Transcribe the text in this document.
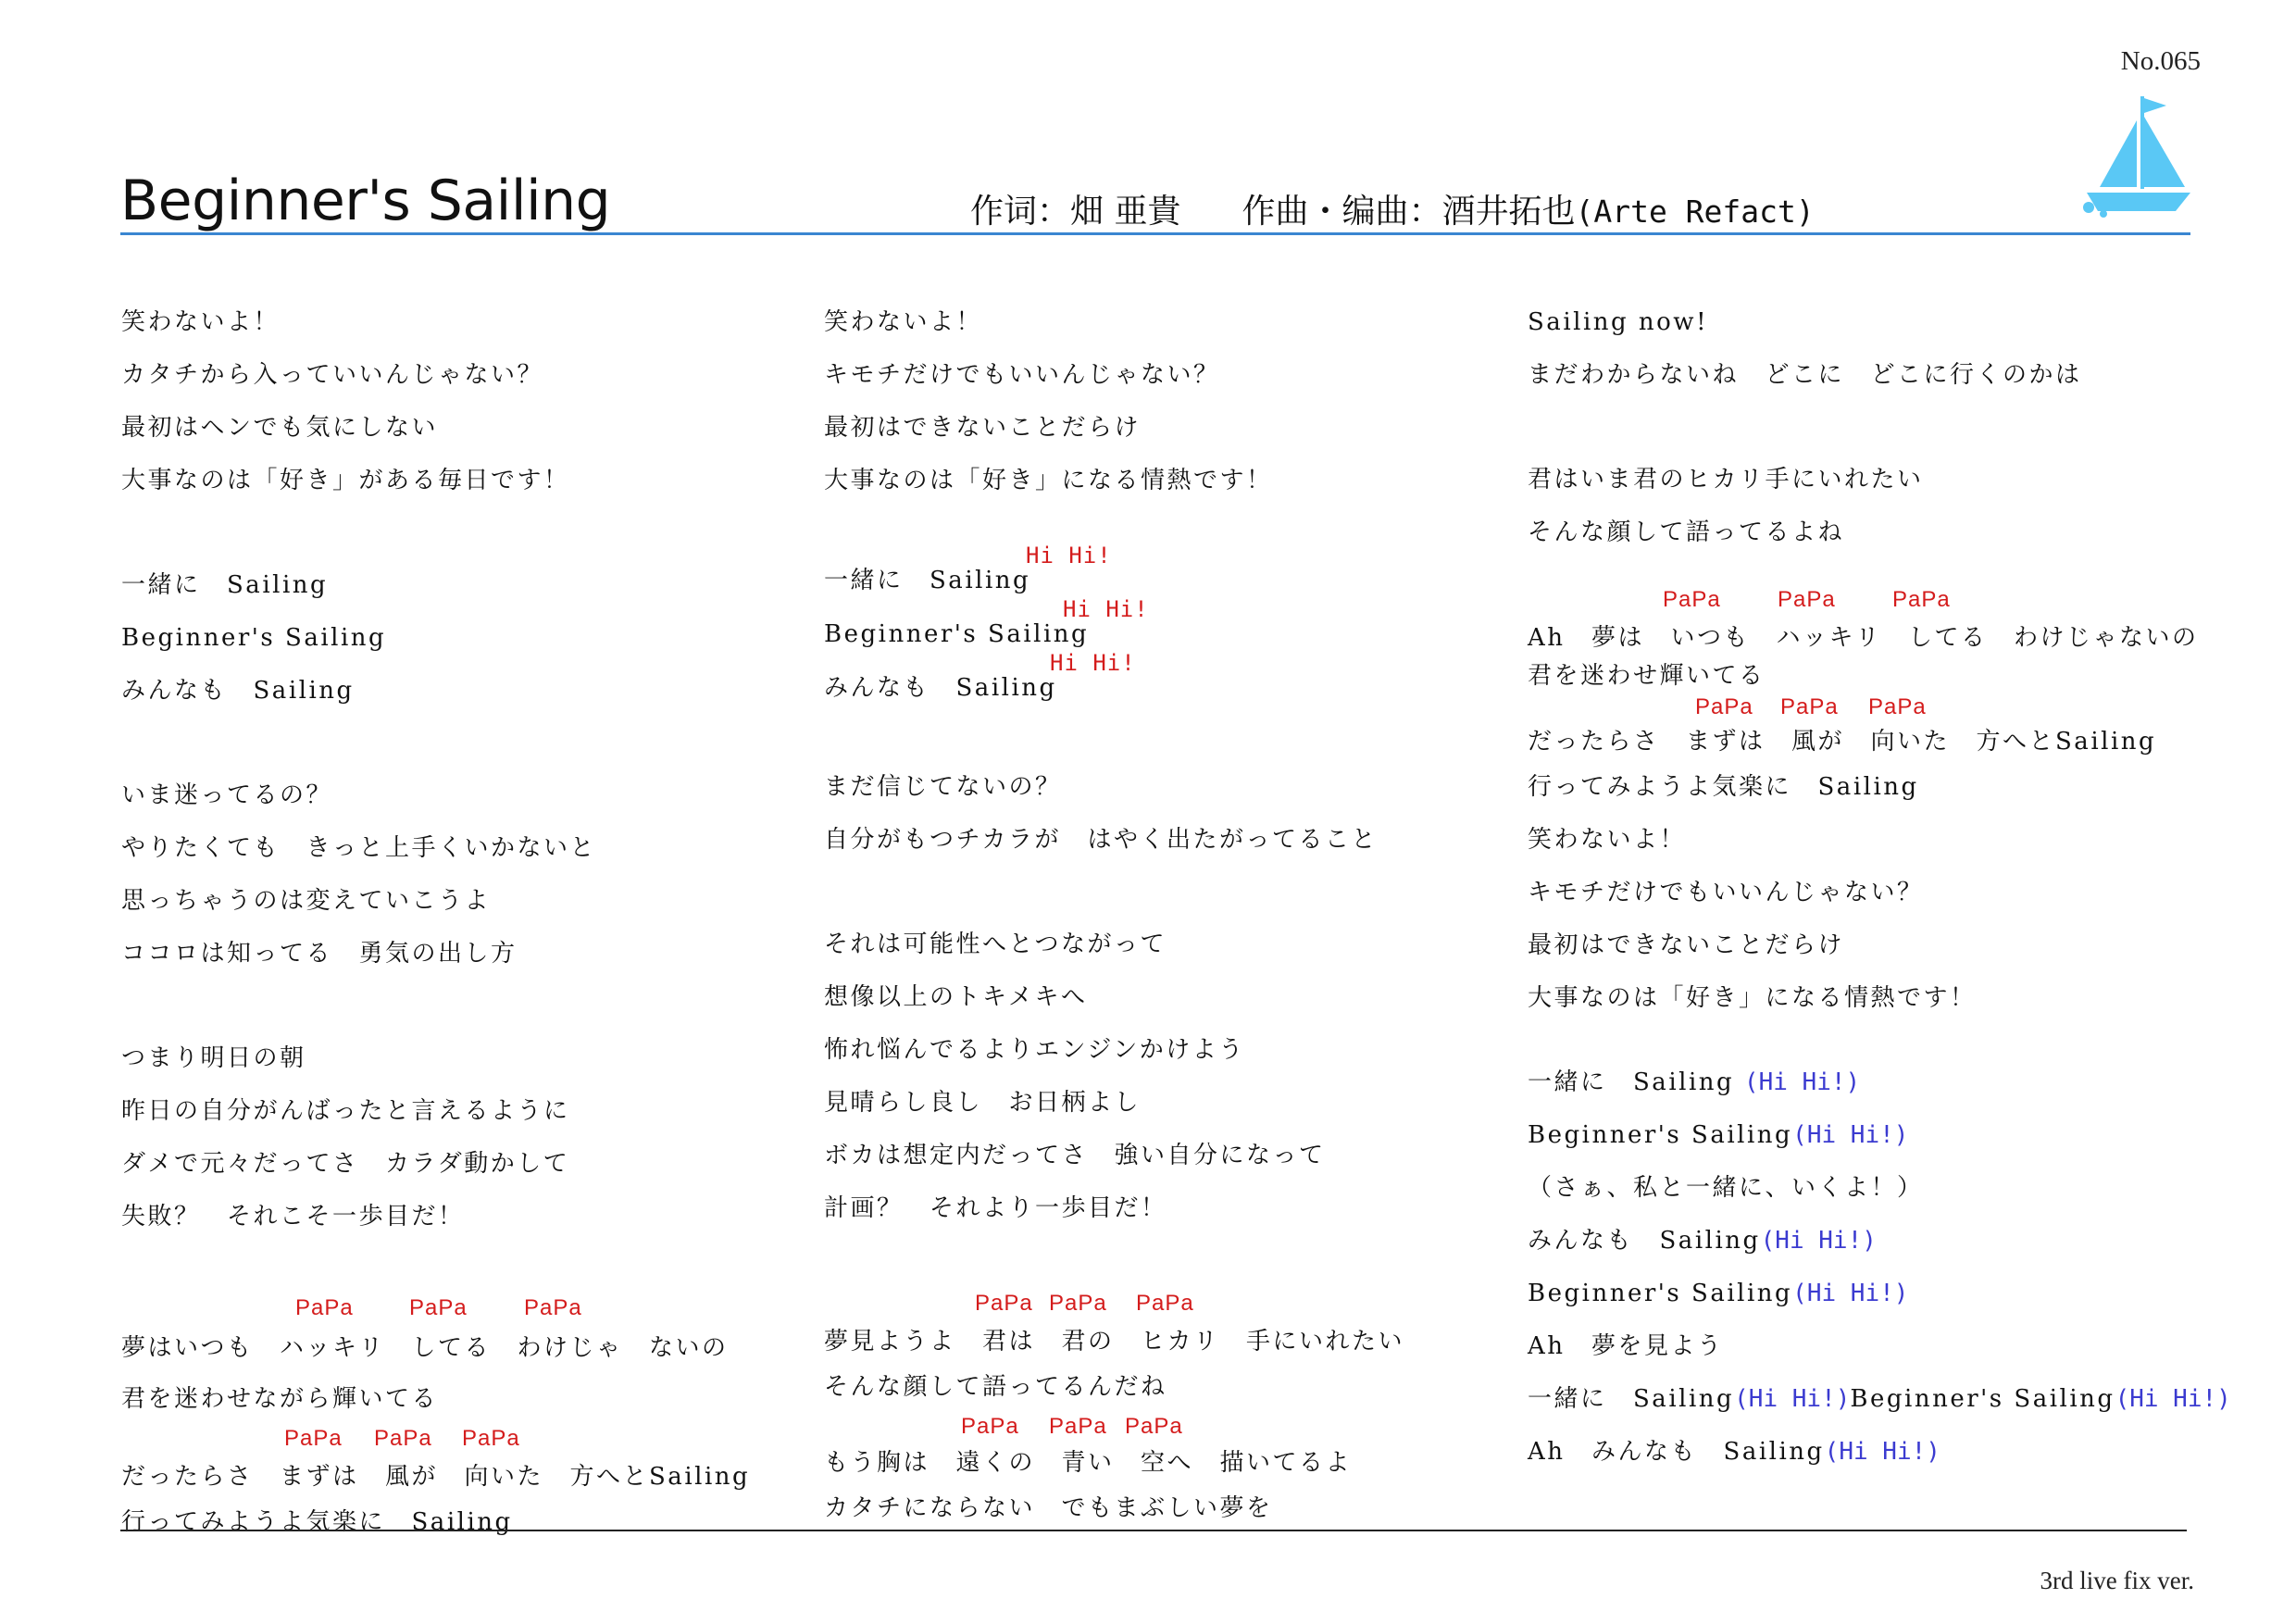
No.065
Beginner's Sailing	作词：畑 亜貴 作曲・编曲：酒井拓也(Arte Refact)
笑わないよ！
カタチから入っていいんじゃない？
最初はヘンでも気にしない
大事なのは「好き」がある毎日です！
一緒に　Sailing
Beginner's Sailing
みんなも　Sailing
いま迷ってるの？
やりたくても　きっと上手くいかないと
思っちゃうのは変えていこうよ
ココロは知ってる　勇気の出し方
つまり明日の朝
昨日の自分がんばったと言えるように
ダメで元々だってさ　カラダ動かして
失敗？　それこそ一歩目だ！

PaPa

	PaPa

	PaPa

夢はいつも　ハッキリ　してる　わけじゃ　ないの

君を迷わせながら輝いてる

PaPa

PaPa

PaPa

だったらさ　まずは　風が　向いた　方へとSailing

行ってみようよ気楽に　Sailing
笑わないよ！
キモチだけでもいいんじゃない？
最初はできないことだらけ
大事なのは「好き」になる情熱です！

Hi Hi!

一緒に　Sailing

Hi Hi!

Beginner's Sailing

Hi Hi!

みんなも　Sailing

まだ信じてないの？
自分がもつチカラが　はやく出たがってること
それは可能性へとつながって
想像以上のトキメキへ
怖れ悩んでるよりエンジンかけよう
見晴らし良し　お日柄よし
ボカは想定内だってさ　強い自分になって
計画？　それより一歩目だ！

PaPa

PaPa

PaPa

夢見ようよ　君は　君の　ヒカリ　手にいれたい

そんな顔して語ってるんだね

PaPa

PaPa

PaPa

もう胸は　遠くの　青い　空へ　描いてるよ

カタチにならない　でもまぶしい夢を
Sailing now!
まだわからないね　どこに　どこに行くのかは
君はいま君のヒカリ手にいれたい
そんな顔して語ってるよね

PaPa

	PaPa

	PaPa

Ah　夢は　いつも　ハッキリ　してる　わけじゃないの

君を迷わせ輝いてる

PaPa

PaPa

PaPa

だったらさ　まずは　風が　向いた　方へとSailing

行ってみようよ気楽に　Sailing
笑わないよ！
キモチだけでもいいんじゃない？
最初はできないことだらけ
大事なのは「好き」になる情熱です！
一緒に　Sailing (Hi Hi!)
Beginner's Sailing(Hi Hi!)
（さぁ、私と一緒に、いくよ！）
みんなも　Sailing(Hi Hi!)
Beginner's Sailing(Hi Hi!)
Ah　夢を見よう
一緒に　Sailing(Hi Hi!)Beginner's Sailing(Hi Hi!)
Ah　みんなも　Sailing(Hi Hi!)
3rd live fix ver.
